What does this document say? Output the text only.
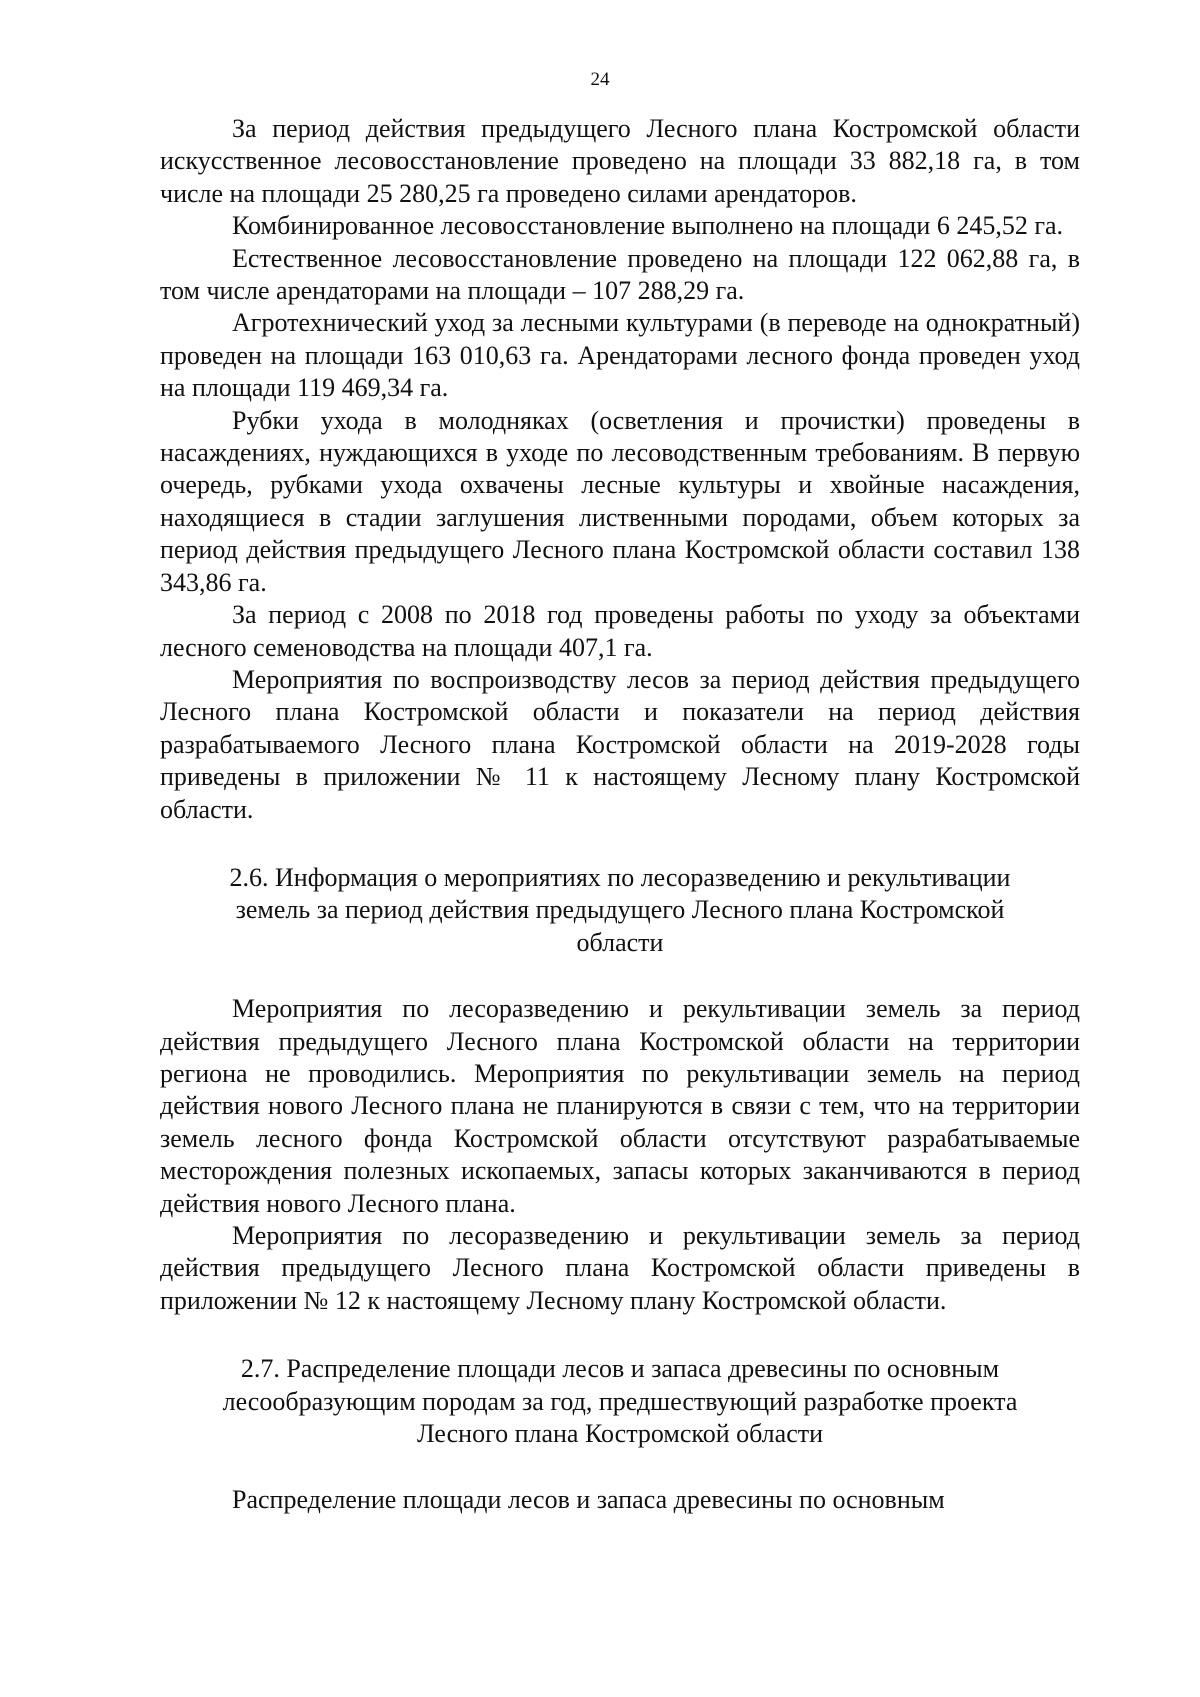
24

За период действия предыдущего Лесного плана Костромской области искусственное лесовосстановление проведено на площади 33 882,18 га, в том числе на площади 25 280,25 га проведено силами арендаторов.

Комбинированное лесовосстановление выполнено на площади 6 245,52 га.

Естественное лесовосстановление проведено на площади 122 062,88 га, в том числе арендаторами на площади – 107 288,29 га.

Агротехнический уход за лесными культурами (в переводе на однократный) проведен на площади 163 010,63 га. Арендаторами лесного фонда проведен уход на площади 119 469,34 га.

Рубки ухода в молодняках (осветления и прочистки) проведены в насаждениях, нуждающихся в уходе по лесоводственным требованиям. В первую очередь, рубками ухода охвачены лесные культуры и хвойные насаждения, находящиеся в стадии заглушения лиственными породами, объем которых за период действия предыдущего Лесного плана Костромской области составил 138 343,86 га.

За период с 2008 по 2018 год проведены работы по уходу за объектами лесного семеноводства на площади 407,1 га.

Мероприятия по воспроизводству лесов за период действия предыдущего Лесного плана Костромской области и показатели на период действия разрабатываемого Лесного плана Костромской области на 2019-2028 годы приведены в приложении № 11 к настоящему Лесному плану Костромской области.

2.6. Информация о мероприятиях по лесоразведению и рекультивации земель за период действия предыдущего Лесного плана Костромской области

Мероприятия по лесоразведению и рекультивации земель за период действия предыдущего Лесного плана Костромской области на территории региона не проводились. Мероприятия по рекультивации земель на период действия нового Лесного плана не планируются в связи с тем, что на территории земель лесного фонда Костромской области отсутствуют разрабатываемые месторождения полезных ископаемых, запасы которых заканчиваются в период действия нового Лесного плана.

Мероприятия по лесоразведению и рекультивации земель за период действия предыдущего Лесного плана Костромской области приведены в приложении № 12 к настоящему Лесному плану Костромской области.

2.7. Распределение площади лесов и запаса древесины по основным лесообразующим породам за год, предшествующий разработке проекта Лесного плана Костромской области

Распределение площади лесов и запаса древесины по основным
